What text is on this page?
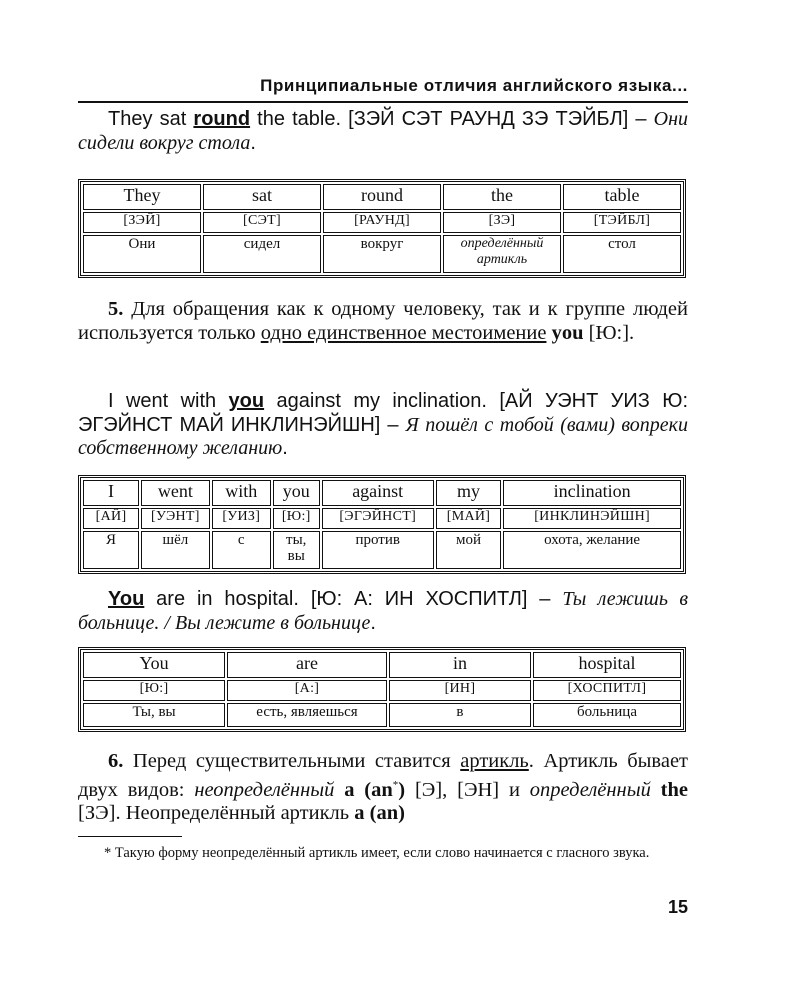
Принципиальные отличия английского языка...

They sat round the table. [ЗЭЙ СЭТ РАУНД ЗЭ ТЭЙБЛ] – Они сидели вокруг стола.

They	sat	round	the	table
[ЗЭЙ]	[СЭТ]	[РАУНД]	[ЗЭ]	[ТЭЙБЛ]
Они	сидел	вокруг	определённый артикль	стол

5. Для обращения как к одному человеку, так и к группе людей используется только одно единственное местоимение you [Ю:].

I went with you against my inclination. [АЙ УЭНТ УИЗ Ю: ЭГЭЙНСТ МАЙ ИНКЛИНЭЙШН] – Я пошёл с тобой (вами) вопреки собственному желанию.

I	went	with	you	against	my	inclination
[АЙ]	[УЭНТ]	[УИЗ]	[Ю:]	[ЭГЭЙНСТ]	[МАЙ]	[ИНКЛИНЭЙШН]
Я	шёл	с	ты, вы	против	мой	охота, желание

You are in hospital. [Ю: А: ИН ХОСПИТЛ] – Ты лежишь в больнице. / Вы лежите в больнице.

You	are	in	hospital
[Ю:]	[А:]	[ИН]	[ХОСПИТЛ]
Ты, вы	есть, являешься	в	больница

6. Перед существительными ставится артикль. Артикль бывает двух видов: неопределённый a (an*) [Э], [ЭН] и определённый the [ЗЭ]. Неопределённый артикль a (an)

* Такую форму неопределённый артикль имеет, если слово начинается с гласного звука.
15
